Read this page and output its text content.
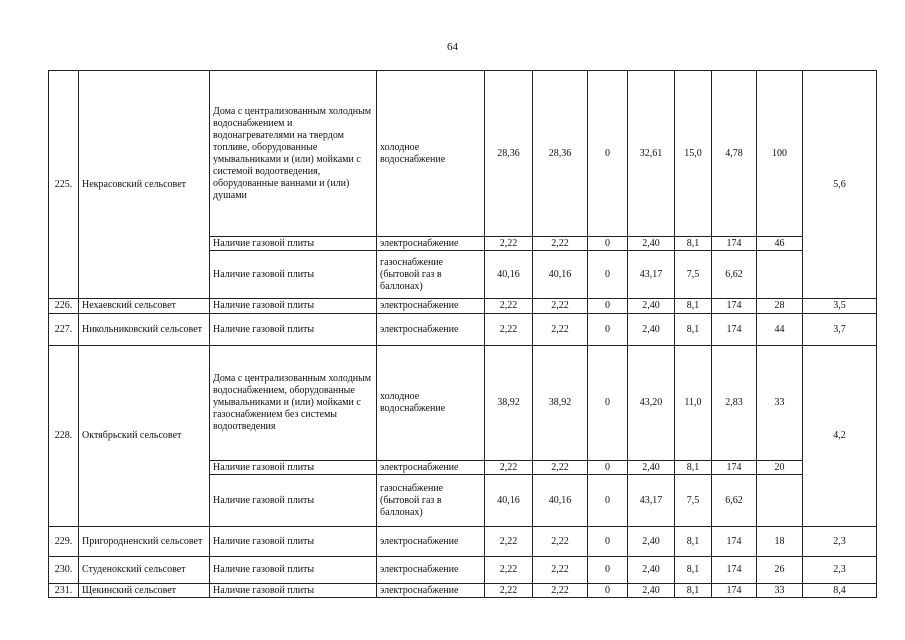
64
225.	Некрасовский сельсовет	Дома с централизованным холодным водоснабжением и водонагревателями на твердом топливе, оборудованные умывальниками и (или) мойками с системой водоотведения, оборудованные ваннами и (или) душами	холодное водоснабжение	28,36	28,36	0	32,61	15,0	4,78	100	5,6
		Наличие газовой плиты	электроснабжение	2,22	2,22	0	2,40	8,1	174	46	
		Наличие газовой плиты	газоснабжение (бытовой газ в баллонах)	40,16	40,16	0	43,17	7,5	6,62		
226.	Нехаевский сельсовет	Наличие газовой плиты	электроснабжение	2,22	2,22	0	2,40	8,1	174	28	3,5
227.	Никольниковский сельсовет	Наличие газовой плиты	электроснабжение	2,22	2,22	0	2,40	8,1	174	44	3,7
228.	Октябрьский сельсовет	Дома с централизованным холодным водоснабжением, оборудованные умывальниками и (или) мойками с газоснабжением без системы водоотведения	холодное водоснабжение	38,92	38,92	0	43,20	11,0	2,83	33	4,2
		Наличие газовой плиты	электроснабжение	2,22	2,22	0	2,40	8,1	174	20	
		Наличие газовой плиты	газоснабжение (бытовой газ в баллонах)	40,16	40,16	0	43,17	7,5	6,62		
229.	Пригородненский сельсовет	Наличие газовой плиты	электроснабжение	2,22	2,22	0	2,40	8,1	174	18	2,3
230.	Студенокский сельсовет	Наличие газовой плиты	электроснабжение	2,22	2,22	0	2,40	8,1	174	26	2,3
231.	Щекинский сельсовет	Наличие газовой плиты	электроснабжение	2,22	2,22	0	2,40	8,1	174	33	8,4
